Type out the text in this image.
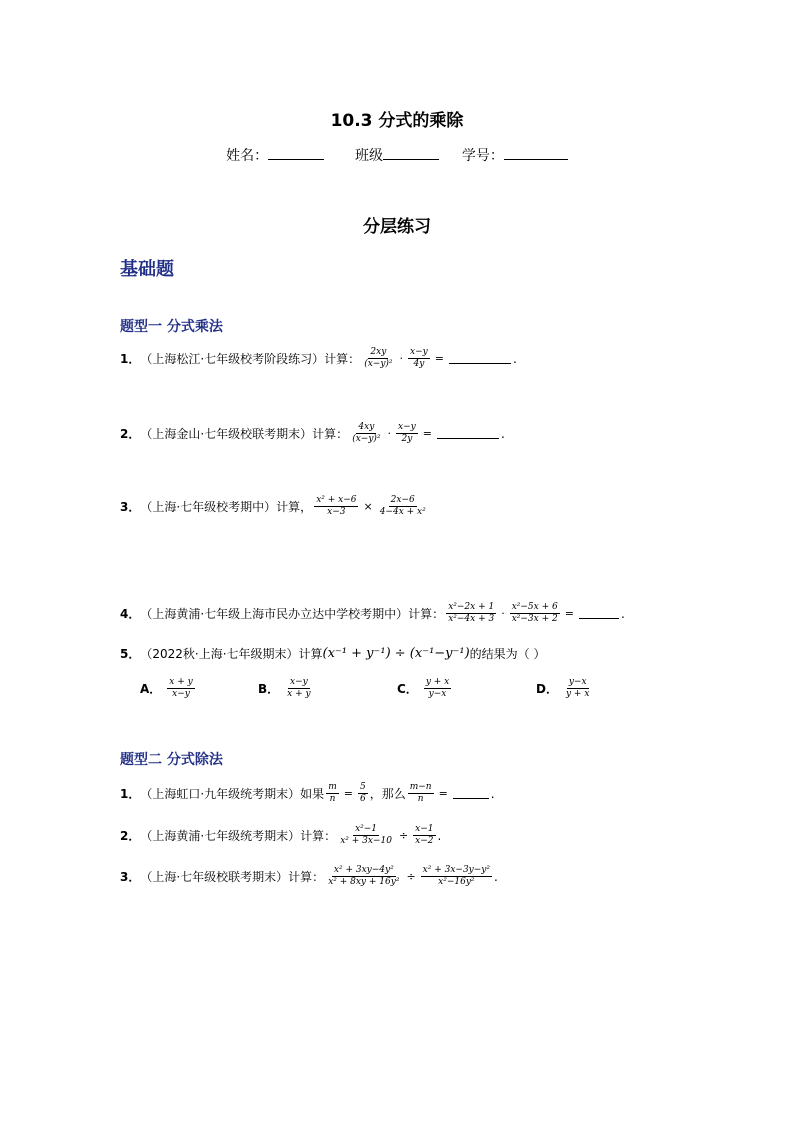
10.3 分式的乘除
姓名：	班级	学号：
分层练习
基础题
题型一 分式乘法
1． （上海松江·七年级校考阶段练习）计算： $\frac{2xy}{\text{(x−y)²}} \cdot \frac{x-y}{4y}$ =	.
2． （上海金山·七年级校联考期末）计算： $\frac{4xy}{\text{(x−y)²}} \cdot \frac{x-y}{2y}$ =	.
3． （上海·七年级校考期中）计算， $\frac{\text{x² + x−6}}{x-3} \times \frac{2x-6}{\text{4−4x + x²}}$
4． （上海黄浦·七年级上海市民办立达中学校考期中）计算： $\frac{\text{x²−2x + 1}}{\text{x²−4x + 3}} \cdot \frac{\text{x²−5x + 6}}{\text{x²−3x + 2}}$ =	.
5． （2022秋·上海·七年级期末）计算 (x⁻¹ + y⁻¹) ÷ (x⁻¹−y⁻¹) 的结果为（ ）
A． $\frac{x + y}{x-y}$	B． $\frac{x-y}{x + y}$	C． $\frac{y + x}{y-x}$	D． $\frac{y-x}{y + x}$
题型二 分式除法
1． （上海虹口·九年级统考期末）如果 $\frac{m}{n} = \frac{5}{6}$ ，那么 $\frac{m-n}{n}$ =	.
2． （上海黄浦·七年级统考期末）计算： $\frac{\text{x²−1}}{\text{x² + 3x−10}} \div \frac{x-1}{x-2}$ .
3． （上海·七年级校联考期末）计算： $\frac{\text{x² + 3xy−4y²}}{\text{x² + 8xy + 16y²}} \div \frac{\text{x² + 3x−3y−y²}}{\text{x²−16y²}}$ .
